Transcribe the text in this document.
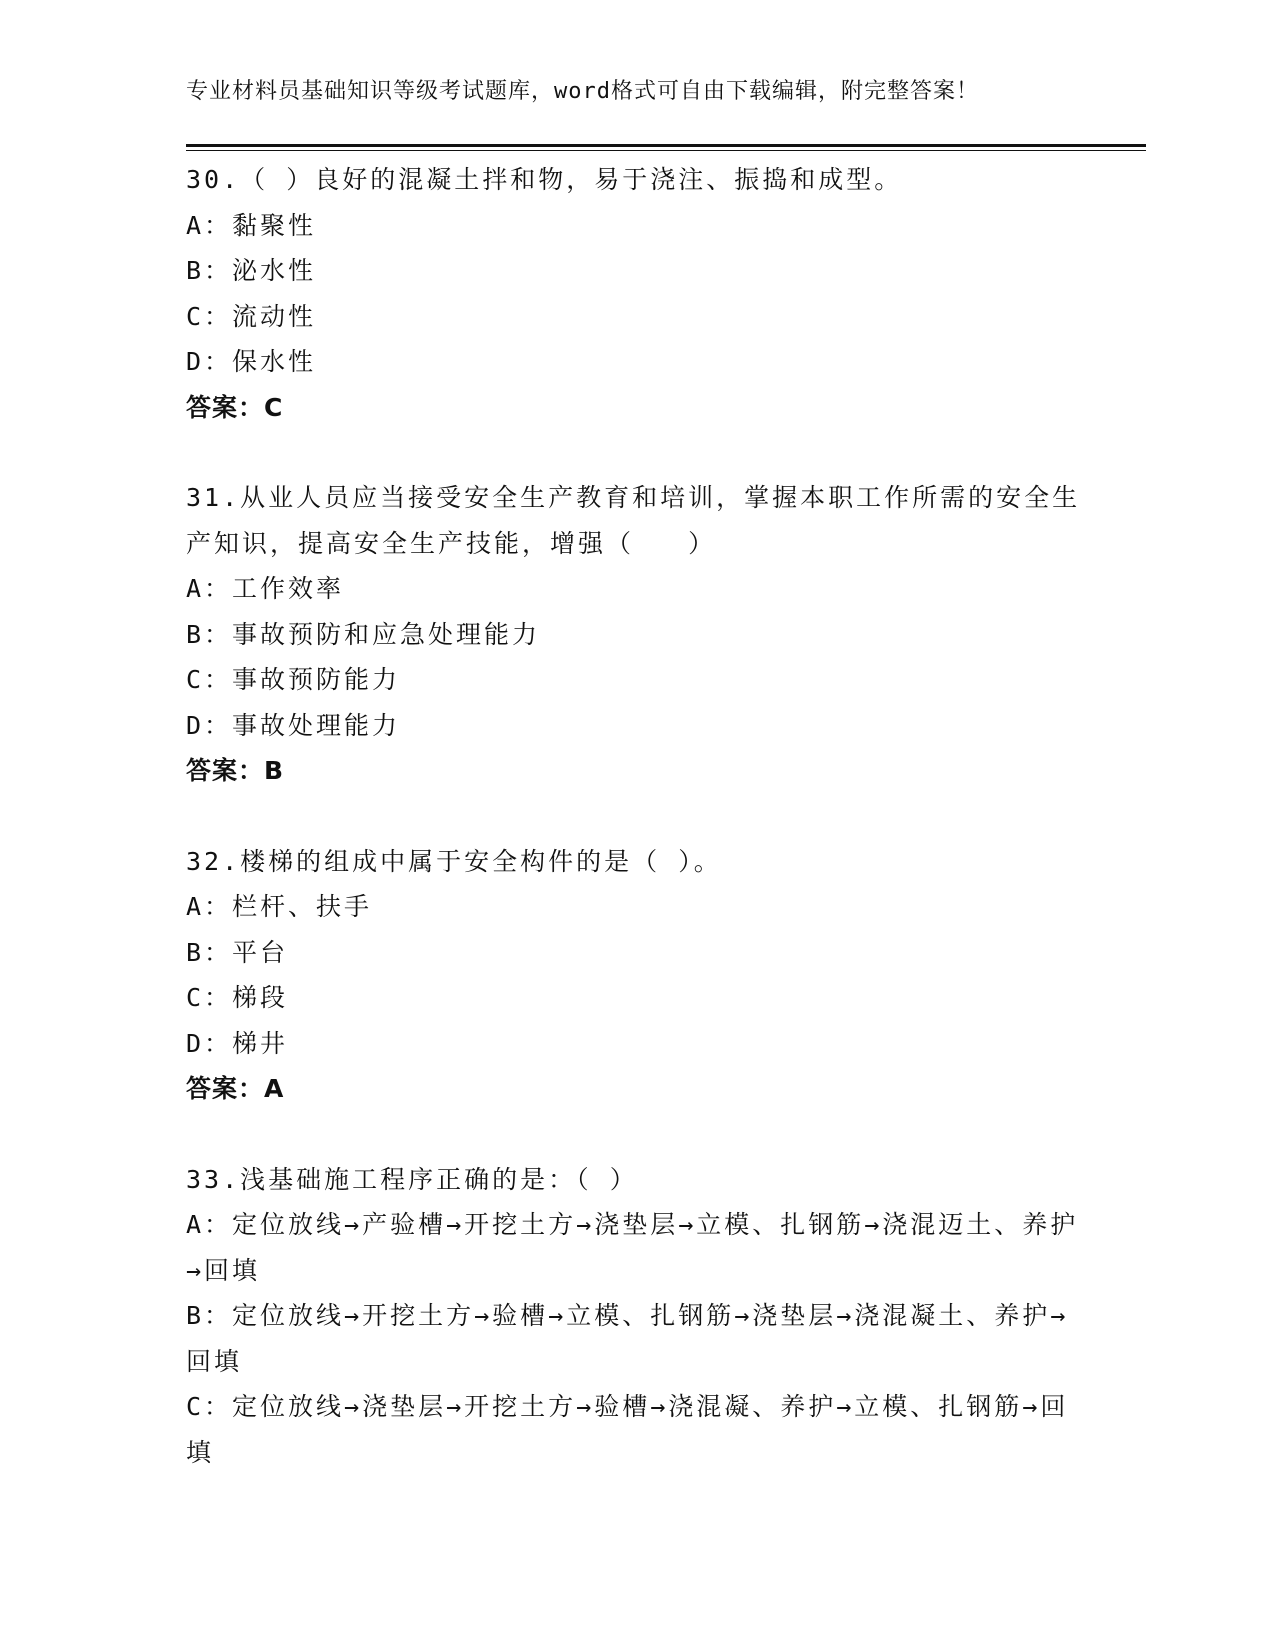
专业材料员基础知识等级考试题库，word格式可自由下载编辑，附完整答案！
30.（ ）良好的混凝土拌和物，易于浇注、振捣和成型。
A：黏聚性
B：泌水性
C：流动性
D：保水性
答案：C
31.从业人员应当接受安全生产教育和培训，掌握本职工作所需的安全生产知识，提高安全生产技能，增强（   ）
A：工作效率
B：事故预防和应急处理能力
C：事故预防能力
D：事故处理能力
答案：B
32.楼梯的组成中属于安全构件的是（ ）。
A：栏杆、扶手
B：平台
C：梯段
D：梯井
答案：A
33.浅基础施工程序正确的是：（ ）
A：定位放线→产验槽→开挖土方→浇垫层→立模、扎钢筋→浇混迈土、养护→回填
B：定位放线→开挖土方→验槽→立模、扎钢筋→浇垫层→浇混凝土、养护→回填
C：定位放线→浇垫层→开挖土方→验槽→浇混凝、养护→立模、扎钢筋→回填
